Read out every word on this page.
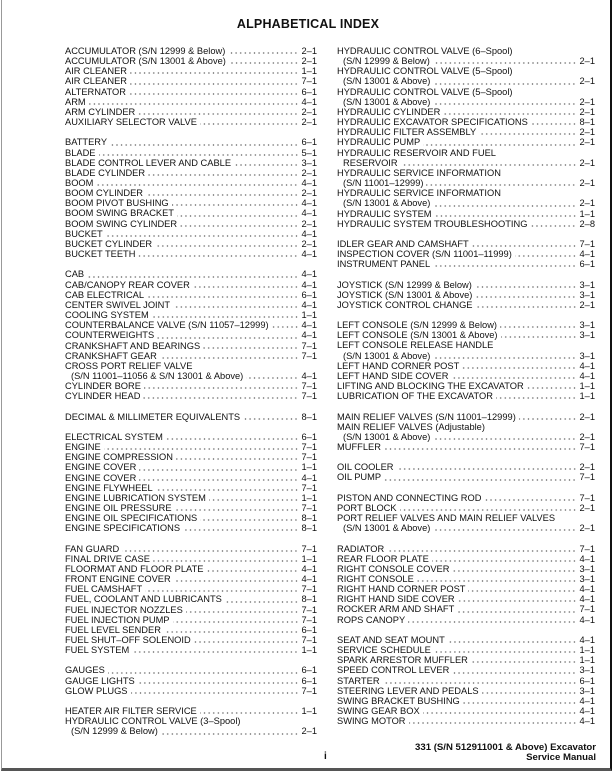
ALPHABETICAL INDEX
ACCUMULATOR (S/N 12999 & Below)	2–1
ACCUMULATOR (S/N 13001 & Above)	2–1
AIR CLEANER	1–1
AIR CLEANER	7–1
ALTERNATOR	6–1
ARM	4–1
ARM CYLINDER	2–1
AUXILIARY SELECTOR VALVE	2–1
BATTERY	6–1
BLADE	5–1
BLADE CONTROL LEVER AND CABLE	3–1
BLADE CYLINDER	2–1
BOOM	4–1
BOOM CYLINDER	2–1
BOOM PIVOT BUSHING	4–1
BOOM SWING BRACKET	4–1
BOOM SWING CYLINDER	2–1
BUCKET	4–1
BUCKET CYLINDER	2–1
BUCKET TEETH	4–1
CAB	4–1
CAB/CANOPY REAR COVER	4–1
CAB ELECTRICAL	6–1
CENTER SWIVEL JOINT	4–1
COOLING SYSTEM	1–1
COUNTERBALANCE VALVE (S/N 11057–12999)	4–1
COUNTERWEIGHTS	4–1
CRANKSHAFT AND BEARINGS	7–1
CRANKSHAFT GEAR	7–1
CROSS PORT RELIEF VALVE
(S/N 11001–11056 & S/N 13001 & Above)	4–1
CYLINDER BORE	7–1
CYLINDER HEAD	7–1
DECIMAL & MILLIMETER EQUIVALENTS	8–1
ELECTRICAL SYSTEM	6–1
ENGINE	7–1
ENGINE COMPRESSION	7–1
ENGINE COVER	1–1
ENGINE COVER	4–1
ENGINE FLYWHEEL	7–1
ENGINE LUBRICATION SYSTEM	1–1
ENGINE OIL PRESSURE	7–1
ENGINE OIL SPECIFICATIONS	8–1
ENGINE SPECIFICATIONS	8–1
FAN GUARD	7–1
FINAL DRIVE CASE	1–1
FLOORMAT AND FLOOR PLATE	4–1
FRONT ENGINE COVER	4–1
FUEL CAMSHAFT	7–1
FUEL, COOLANT AND LUBRICANTS	8–1
FUEL INJECTOR NOZZLES	7–1
FUEL INJECTION PUMP	7–1
FUEL LEVEL SENDER	6–1
FUEL SHUT–OFF SOLENOID	7–1
FUEL SYSTEM	1–1
GAUGES	6–1
GAUGE LIGHTS	6–1
GLOW PLUGS	7–1
HEATER AIR FILTER SERVICE	1–1
HYDRAULIC CONTROL VALVE (3–Spool)
(S/N 12999 & Below)	2–1
HYDRAULIC CONTROL VALVE (6–Spool)
(S/N 12999 & Below)	2–1
HYDRAULIC CONTROL VALVE (5–Spool)
(S/N 13001 & Above)	2–1
HYDRAULIC CONTROL VALVE (5–Spool)
(S/N 13001 & Above)	2–1
HYDRAULIC CYLINDER	2–1
HYDRAULIC EXCAVATOR SPECIFICATIONS	8–1
HYDRAULIC FILTER ASSEMBLY	2–1
HYDRAULIC PUMP	2–1
HYDRAULIC RESERVOIR AND FUEL
RESERVOIR	2–1
HYDRAULIC SERVICE INFORMATION
(S/N 11001–12999)	2–1
HYDRAULIC SERVICE INFORMATION
(S/N 13001 & Above)	2–1
HYDRAULIC SYSTEM	1–1
HYDRAULIC SYSTEM TROUBLESHOOTING	2–8
IDLER GEAR AND CAMSHAFT	7–1
INSPECTION COVER (S/N 11001–11999)	4–1
INSTRUMENT PANEL	6–1
JOYSTICK (S/N 12999 & Below)	3–1
JOYSTICK (S/N 13001 & Above)	3–1
JOYSTICK CONTROL CHANGE	2–1
LEFT CONSOLE (S/N 12999 & Below)	3–1
LEFT CONSOLE (S/N 13001 & Above)	3–1
LEFT CONSOLE RELEASE HANDLE
(S/N 13001 & Above)	3–1
LEFT HAND CORNER POST	4–1
LEFT HAND SIDE COVER	4–1
LIFTING AND BLOCKING THE EXCAVATOR	1–1
LUBRICATION OF THE EXCAVATOR	1–1
MAIN RELIEF VALVES (S/N 11001–12999)	2–1
MAIN RELIEF VALVES (Adjustable)
(S/N 13001 & Above)	2–1
MUFFLER	7–1
OIL COOLER	2–1
OIL PUMP	7–1
PISTON AND CONNECTING ROD	7–1
PORT BLOCK	2–1
PORT RELIEF VALVES AND MAIN RELIEF VALVES
(S/N 13001 & Above)	2–1
RADIATOR	7–1
REAR FLOOR PLATE	4–1
RIGHT CONSOLE COVER	3–1
RIGHT CONSOLE	3–1
RIGHT HAND CORNER POST	4–1
RIGHT HAND SIDE COVER	4–1
ROCKER ARM AND SHAFT	7–1
ROPS CANOPY	4–1
SEAT AND SEAT MOUNT	4–1
SERVICE SCHEDULE	1–1
SPARK ARRESTOR MUFFLER	1–1
SPEED CONTROL LEVER	3–1
STARTER	6–1
STEERING LEVER AND PEDALS	3–1
SWING BRACKET BUSHING	4–1
SWING GEAR BOX	4–1
SWING MOTOR	4–1
i
331 (S/N 512911001 & Above) Excavator
Service Manual
